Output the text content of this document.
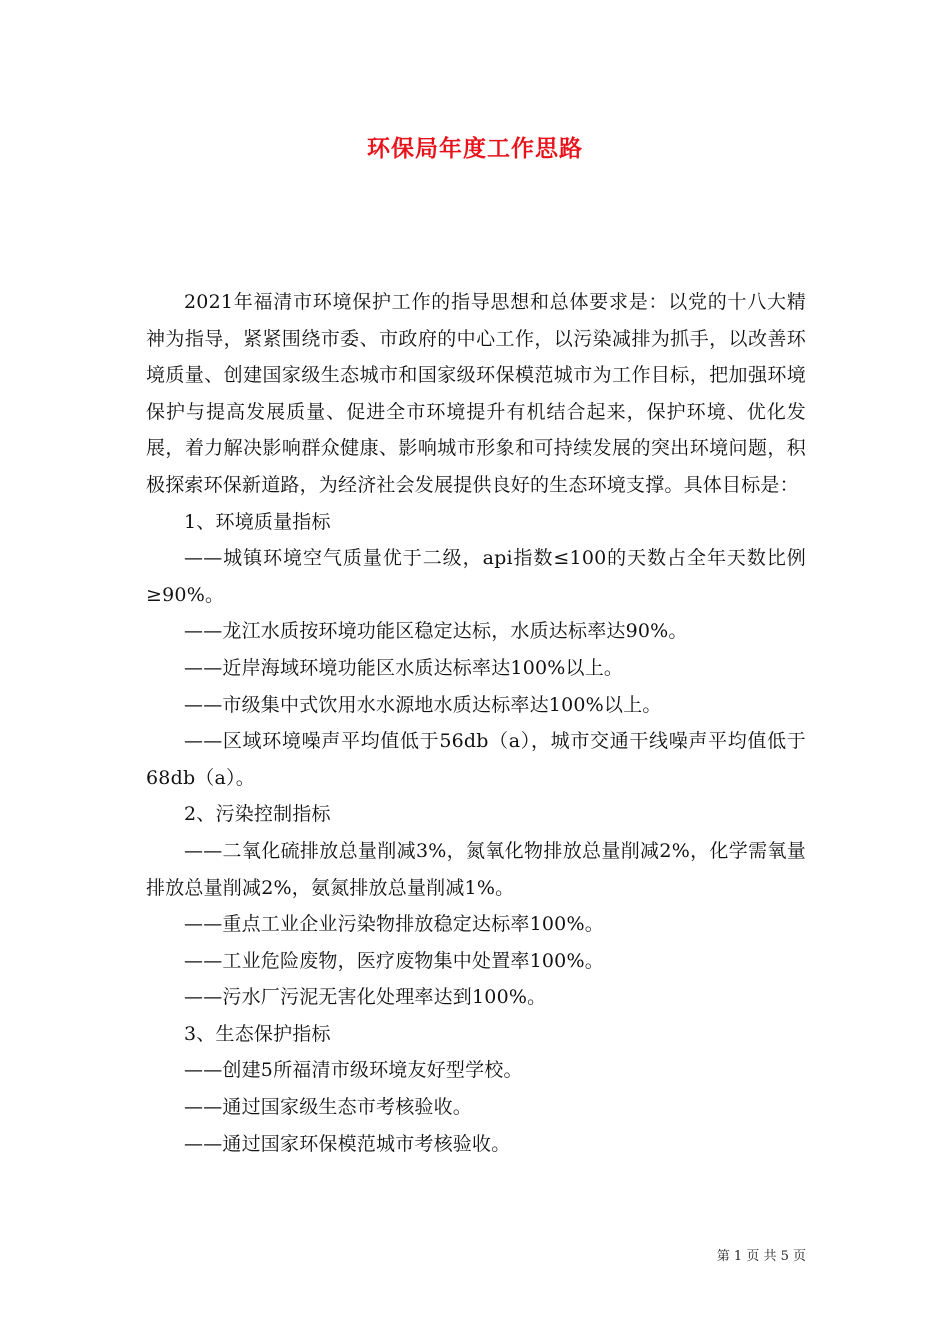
环保局年度工作思路

2021年福清市环境保护工作的指导思想和总体要求是：以党的十八大精神为指导，紧紧围绕市委、市政府的中心工作，以污染减排为抓手，以改善环境质量、创建国家级生态城市和国家级环保模范城市为工作目标，把加强环境保护与提高发展质量、促进全市环境提升有机结合起来，保护环境、优化发展，着力解决影响群众健康、影响城市形象和可持续发展的突出环境问题，积极探索环保新道路，为经济社会发展提供良好的生态环境支撑。具体目标是：

1、环境质量指标

——城镇环境空气质量优于二级，api指数≤100的天数占全年天数比例≥90%。

——龙江水质按环境功能区稳定达标，水质达标率达90%。

——近岸海域环境功能区水质达标率达100%以上。

——市级集中式饮用水水源地水质达标率达100%以上。

——区域环境噪声平均值低于56db（a），城市交通干线噪声平均值低于68db（a）。

2、污染控制指标

——二氧化硫排放总量削减3%，氮氧化物排放总量削减2%，化学需氧量排放总量削减2%，氨氮排放总量削减1%。

——重点工业企业污染物排放稳定达标率100%。

——工业危险废物，医疗废物集中处置率100%。

——污水厂污泥无害化处理率达到100%。

3、生态保护指标

——创建5所福清市级环境友好型学校。

——通过国家级生态市考核验收。

——通过国家环保模范城市考核验收。

第 1 页 共 5 页
